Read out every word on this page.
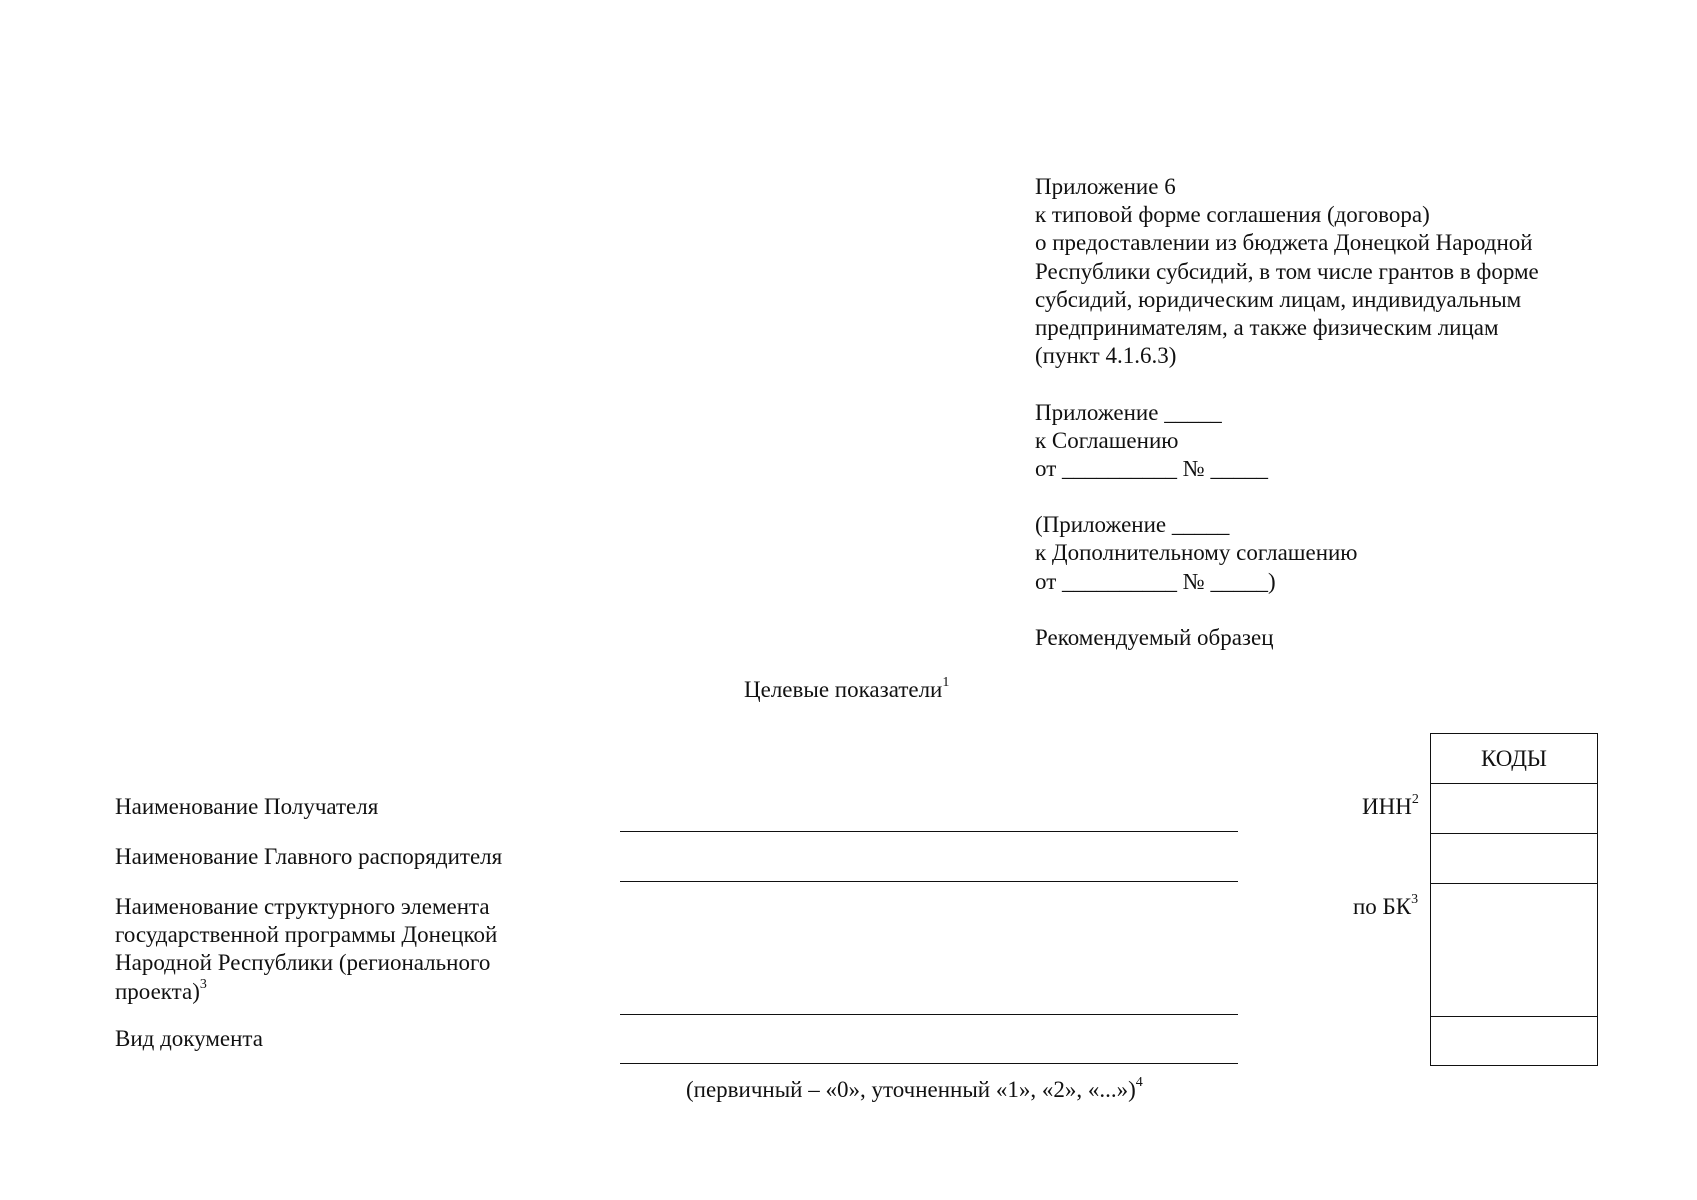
Приложение 6
к типовой форме соглашения (договора)
о предоставлении из бюджета Донецкой Народной
Республики субсидий, в том числе грантов в форме
субсидий, юридическим лицам, индивидуальным
предпринимателям, а также физическим лицам
(пункт 4.1.6.3)
Приложение _____
к Соглашению
от __________ № _____
(Приложение _____
к Дополнительному соглашению
от __________ № _____)
Рекомендуемый образец
Целевые показатели$^1$
КОДЫ
Наименование Получателя
Наименование Главного распорядителя
Наименование структурного элемента
государственной программы Донецкой
Народной Республики (регионального
проекта)$^3$
Вид документа
(первичный – «0», уточненный «1», «2», «...»)$^4$
ИНН$^2$
по $БК^3$
